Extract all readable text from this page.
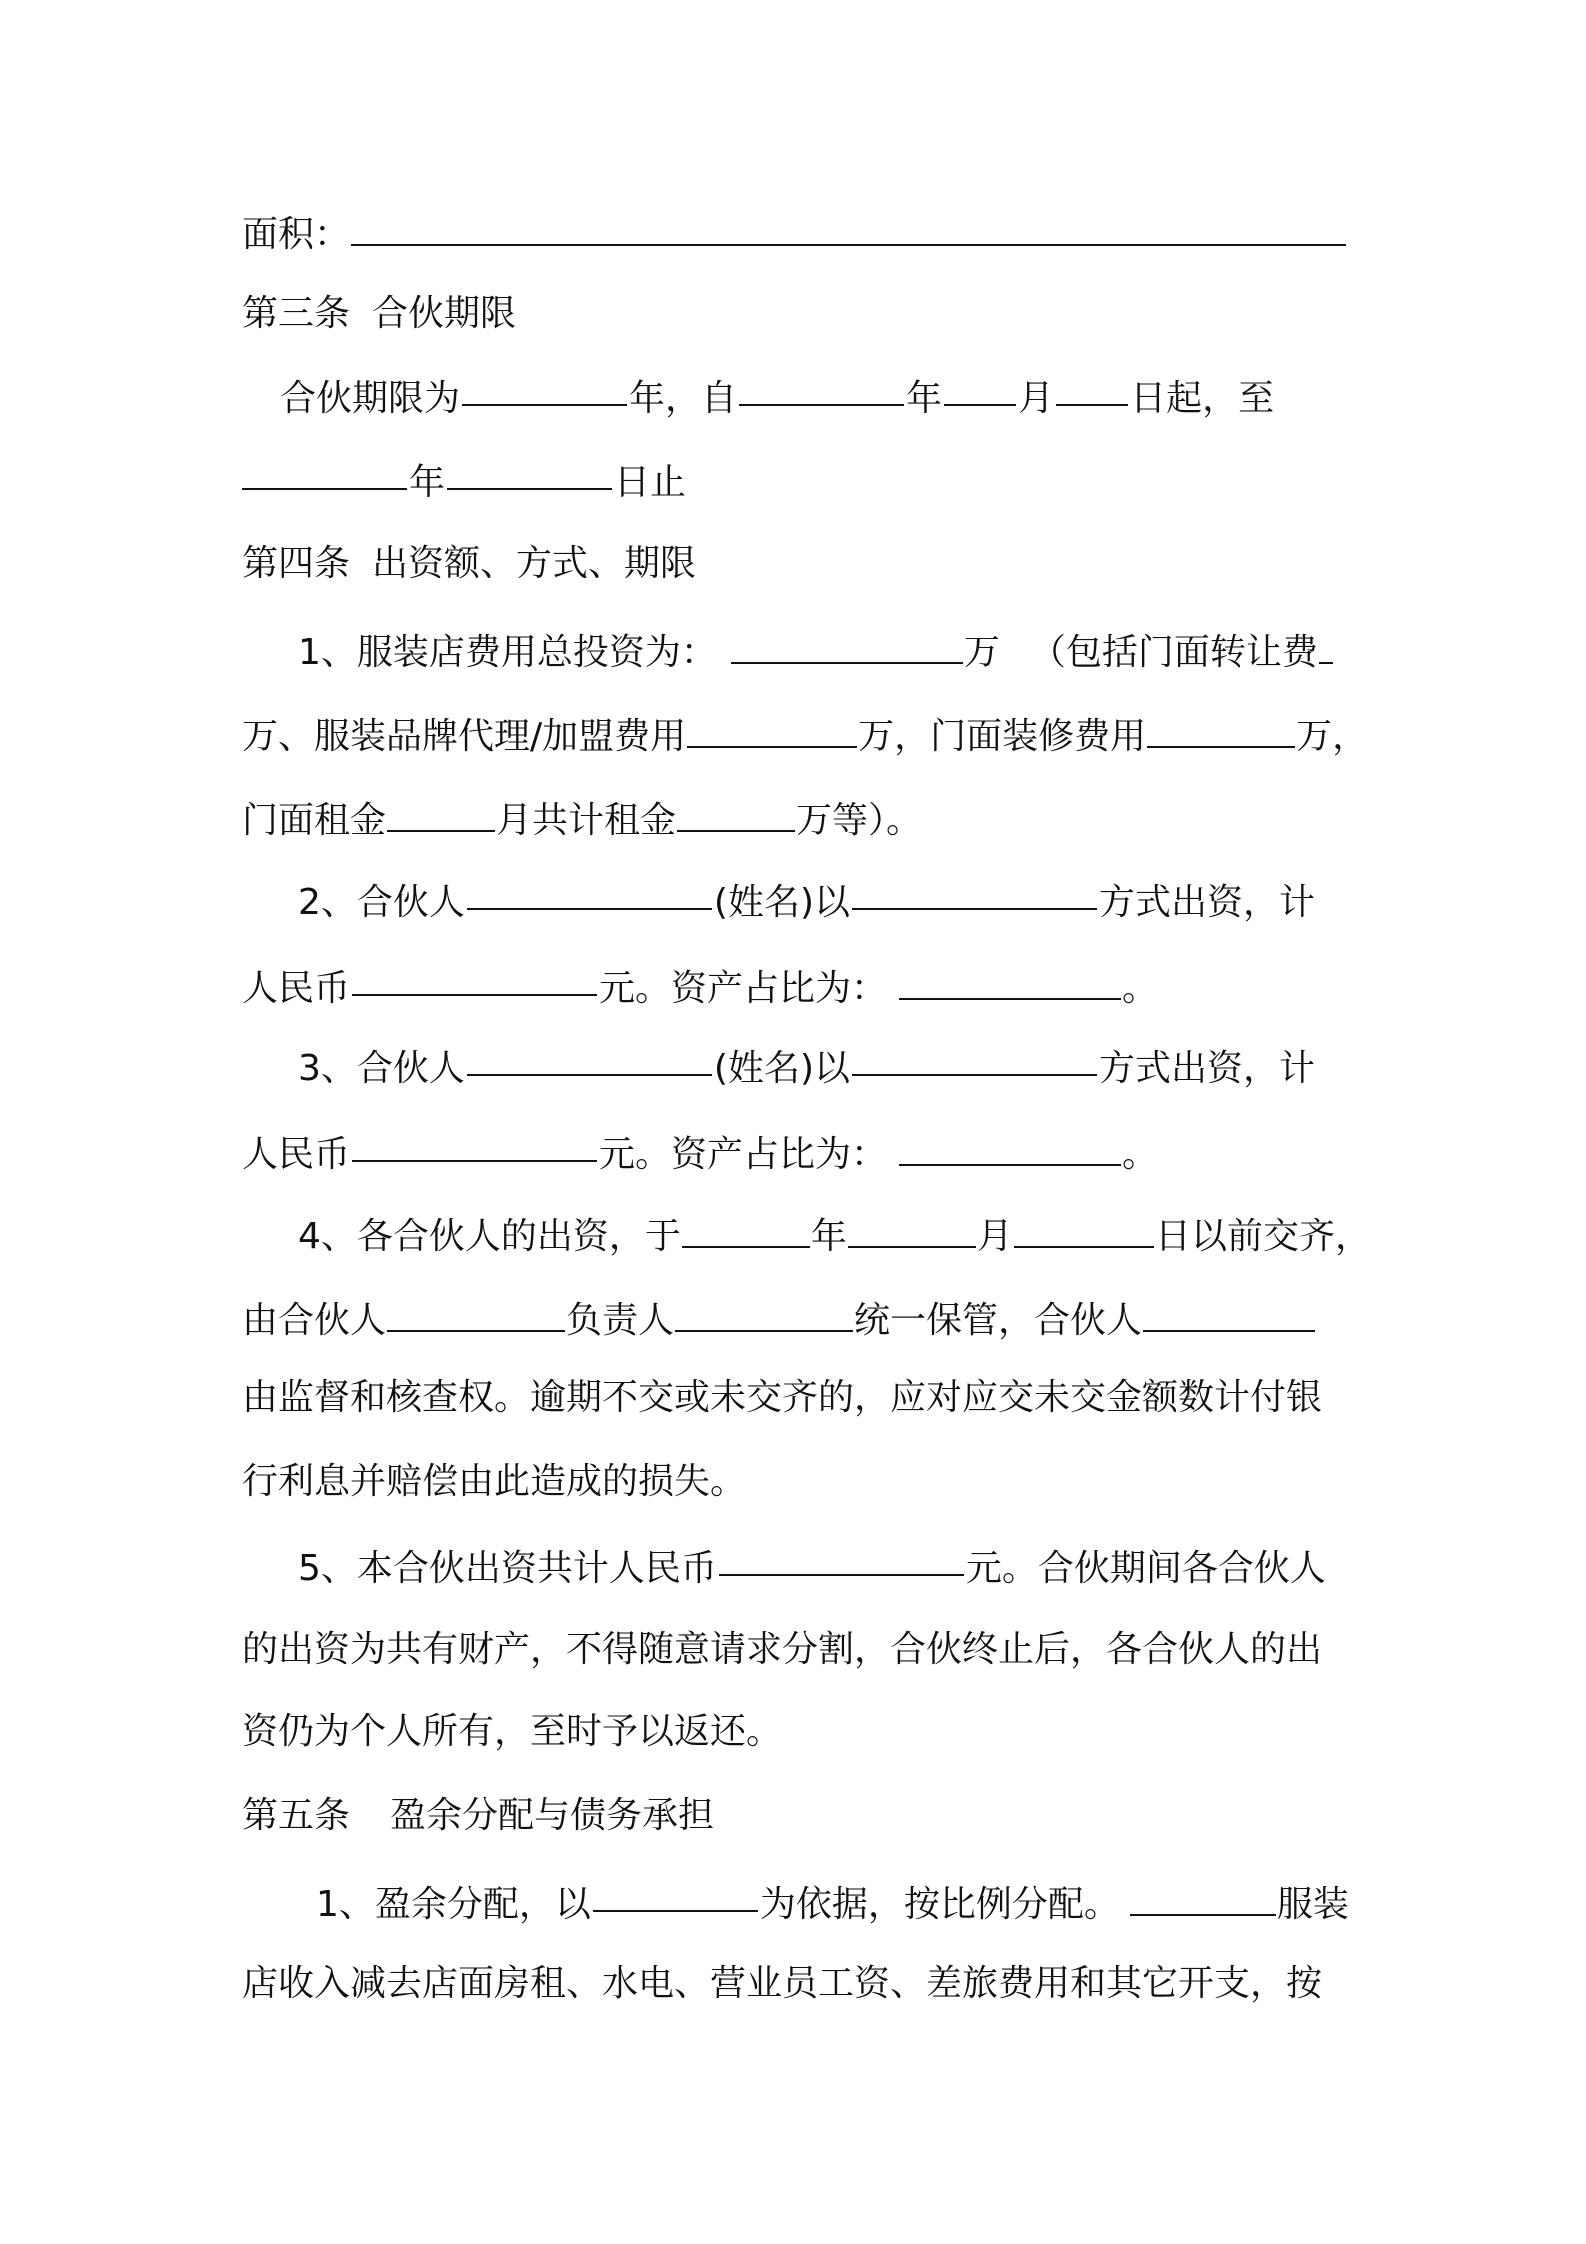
面积：
第三条 合伙期限
合伙期限为	年，自	年 月 日起，至
年	日止
第四条 出资额、方式、期限
1、服装店费用总投资为：	万 （包括门面转让费
万、服装品牌代理/加盟费用	万，门面装修费用	万，
门面租金	月共计租金	万等）。
2、合伙人	(姓名)以	方式出资，计
人民币	元。资产占比为：	。
3、合伙人	(姓名)以	方式出资，计
人民币	元。资产占比为：	。
4、各合伙人的出资，于	年	月	日以前交齐，
由合伙人	负责人	统一保管，合伙人
由监督和核查权。逾期不交或未交齐的，应对应交未交金额数计付银
行利息并赔偿由此造成的损失。
5、本合伙出资共计人民币	元。合伙期间各合伙人
的出资为共有财产，不得随意请求分割，合伙终止后，各合伙人的出
资仍为个人所有，至时予以返还。
第五条 盈余分配与债务承担
1、盈余分配，以	为依据，按比例分配。	服装
店收入减去店面房租、水电、营业员工资、差旅费用和其它开支，按
